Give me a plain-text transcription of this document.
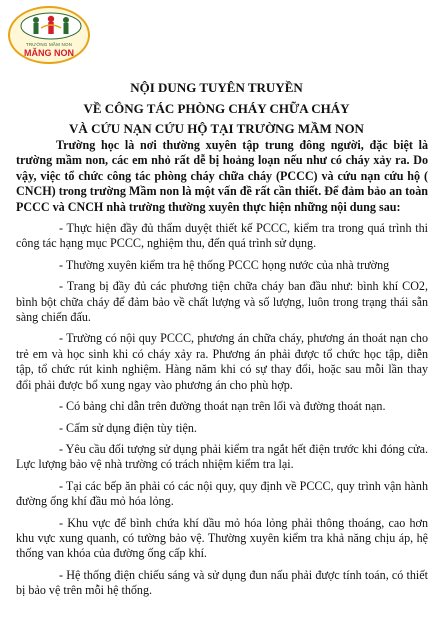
TRƯỜNG MẦM NON
MĂNG NON
NỘI DUNG TUYÊN TRUYỀN
VỀ CÔNG TÁC PHÒNG CHÁY CHỮA CHÁY
VÀ CỨU NẠN CỨU HỘ TẠI TRƯỜNG MẦM NON

Trường học là nơi thường xuyên tập trung đông người, đặc biệt là trường mầm non, các em nhỏ rất dễ bị hoảng loạn nếu như có cháy xảy ra. Do vậy, việc tổ chức công tác phòng cháy chữa cháy (PCCC) và cứu nạn cứu hộ ( CNCH) trong trường Mầm non là một vấn đề rất cần thiết. Để đảm bảo an toàn PCCC và CNCH nhà trường thường xuyên thực hiện những nội dung sau:

- Thực hiện đầy đủ thẩm duyệt thiết kế PCCC, kiểm tra trong quá trình thi công tác hạng mục PCCC, nghiệm thu, đến quá trình sử dụng.

- Thường xuyên kiểm tra hệ thống PCCC họng nước của nhà trường

- Trang bị đầy đủ các phương tiện chữa cháy ban đầu như: bình khí CO2, bình bột chữa cháy để đảm bảo về chất lượng và số lượng, luôn trong trạng thái sẵn sàng chiến đấu.

- Trường có nội quy PCCC, phương án chữa cháy, phương án thoát nạn cho trẻ em và học sinh khi có cháy xảy ra. Phương án phải được tổ chức học tập, diễn tập, tổ chức rút kinh nghiệm. Hàng năm khi có sự thay đổi, hoặc sau mỗi lần thay đổi phải được bổ xung ngay vào phương án cho phù hợp.

- Có bảng chỉ dẫn trên đường thoát nạn trên lối và đường thoát nạn.

- Cấm sử dụng điện tùy tiện.

- Yêu cầu đối tượng sử dụng phải kiểm tra ngắt hết điện trước khi đóng cửa. Lực lượng bảo vệ nhà trường có trách nhiệm kiểm tra lại.

- Tại các bếp ăn phải có các nội quy, quy định về PCCC, quy trình vận hành đường ống khí đầu mỏ hóa lỏng.

- Khu vực để bình chứa khí dầu mỏ hóa lỏng phải thông thoáng, cao hơn khu vực xung quanh, có tường bảo vệ. Thường xuyên kiểm tra khả năng chịu áp, hệ thống van khóa của đường ống cấp khí.

- Hệ thống điện chiếu sáng và sử dụng đun nấu phải được tính toán, có thiết bị bảo vệ trên mỗi hệ thống.
